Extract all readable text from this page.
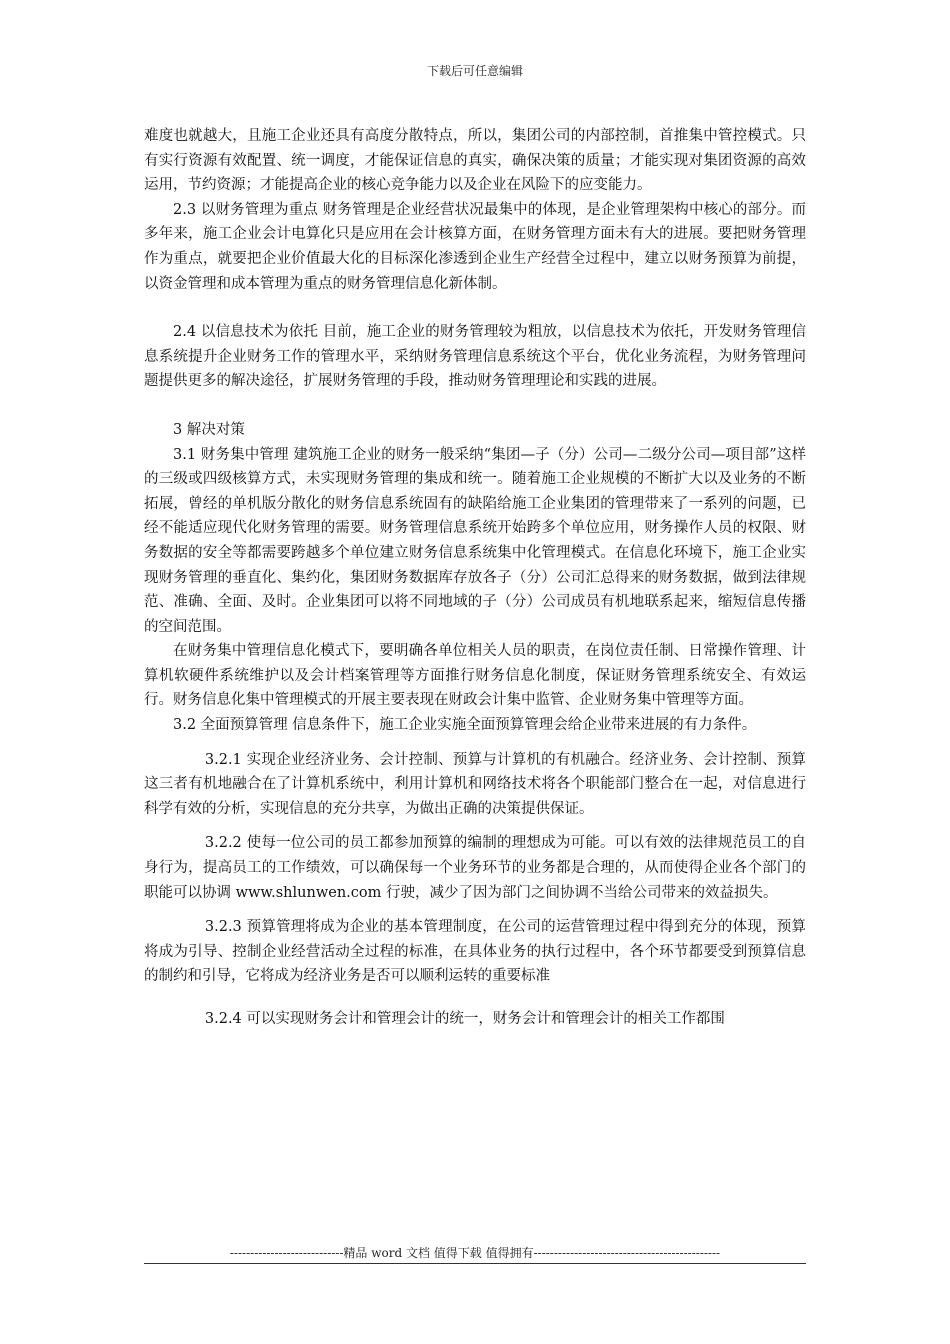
下载后可任意编辑

难度也就越大，且施工企业还具有高度分散特点，所以，集团公司的内部控制，首推集中管控模式。只有实行资源有效配置、统一调度，才能保证信息的真实，确保决策的质量；才能实现对集团资源的高效运用，节约资源；才能提高企业的核心竞争能力以及企业在风险下的应变能力。

2.3 以财务管理为重点 财务管理是企业经营状况最集中的体现，是企业管理架构中核心的部分。而多年来，施工企业会计电算化只是应用在会计核算方面，在财务管理方面未有大的进展。要把财务管理作为重点，就要把企业价值最大化的目标深化渗透到企业生产经营全过程中，建立以财务预算为前提，以资金管理和成本管理为重点的财务管理信息化新体制。

2.4 以信息技术为依托 目前，施工企业的财务管理较为粗放，以信息技术为依托，开发财务管理信息系统提升企业财务工作的管理水平，采纳财务管理信息系统这个平台，优化业务流程，为财务管理问题提供更多的解决途径，扩展财务管理的手段，推动财务管理理论和实践的进展。

3 解决对策

3.1 财务集中管理 建筑施工企业的财务一般采纳“集团—子（分）公司—二级分公司—项目部”这样的三级或四级核算方式，未实现财务管理的集成和统一。随着施工企业规模的不断扩大以及业务的不断拓展，曾经的单机版分散化的财务信息系统固有的缺陷给施工企业集团的管理带来了一系列的问题，已经不能适应现代化财务管理的需要。财务管理信息系统开始跨多个单位应用，财务操作人员的权限、财务数据的安全等都需要跨越多个单位建立财务信息系统集中化管理模式。在信息化环境下，施工企业实现财务管理的垂直化、集约化，集团财务数据库存放各子（分）公司汇总得来的财务数据，做到法律规范、准确、全面、及时。企业集团可以将不同地域的子（分）公司成员有机地联系起来，缩短信息传播的空间范围。

在财务集中管理信息化模式下，要明确各单位相关人员的职责，在岗位责任制、日常操作管理、计算机软硬件系统维护以及会计档案管理等方面推行财务信息化制度，保证财务管理系统安全、有效运行。财务信息化集中管理模式的开展主要表现在财政会计集中监管、企业财务集中管理等方面。

3.2 全面预算管理 信息条件下，施工企业实施全面预算管理会给企业带来进展的有力条件。

3.2.1 实现企业经济业务、会计控制、预算与计算机的有机融合。经济业务、会计控制、预算这三者有机地融合在了计算机系统中，利用计算机和网络技术将各个职能部门整合在一起，对信息进行科学有效的分析，实现信息的充分共享，为做出正确的决策提供保证。

3.2.2 使每一位公司的员工都参加预算的编制的理想成为可能。可以有效的法律规范员工的自身行为，提高员工的工作绩效，可以确保每一个业务环节的业务都是合理的，从而使得企业各个部门的职能可以协调 www.shlunwen.com 行驶，减少了因为部门之间协调不当给公司带来的效益损失。

3.2.3 预算管理将成为企业的基本管理制度，在公司的运营管理过程中得到充分的体现，预算将成为引导、控制企业经营活动全过程的标准，在具体业务的执行过程中，各个环节都要受到预算信息的制约和引导，它将成为经济业务是否可以顺利运转的重要标准

3.2.4 可以实现财务会计和管理会计的统一，财务会计和管理会计的相关工作都围

----------------------------精品 word 文档 值得下载 值得拥有----------------------------------------------
